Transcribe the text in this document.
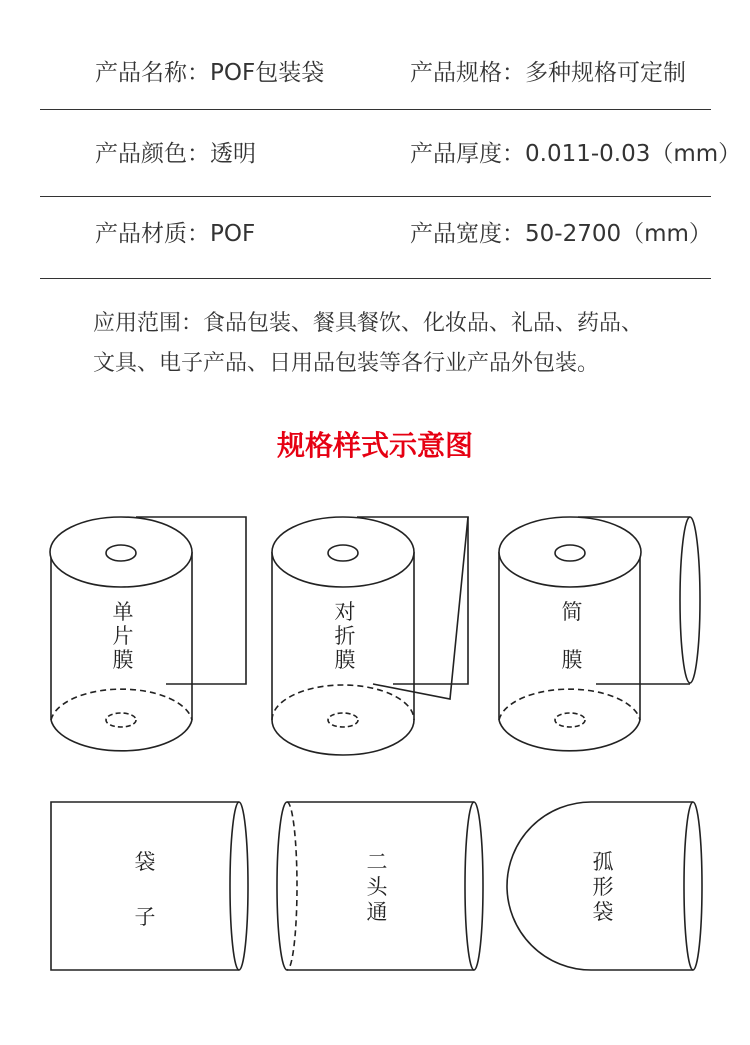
产品名称：POF包装袋	产品规格：多种规格可定制
产品颜色：透明	产品厚度：0.011-0.03（mm）
产品材质：POF	产品宽度：50-2700（mm）
应用范围：食品包装、餐具餐饮、化妆品、礼品、药品、
文具、电子产品、日用品包装等各行业产品外包装。
规格样式示意图
单
片
膜
对
折
膜
简
膜
袋
子
二
头
通
孤
形
袋
